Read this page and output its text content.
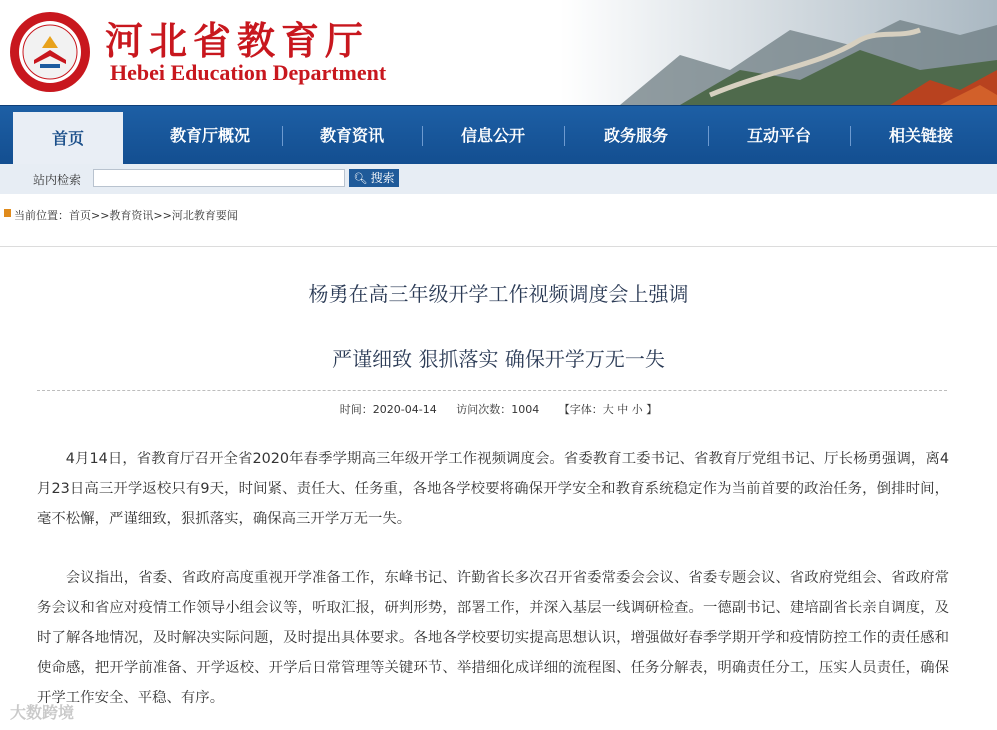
河北省教育厅
Hebei Education Department
首页	教育厅概况	教育资讯	信息公开	政务服务	互动平台	相关链接
站内检索	🔍︎ 搜索
当前位置：首页>>教育资讯>>河北教育要闻
杨勇在高三年级开学工作视频调度会上强调
严谨细致 狠抓落实 确保开学万无一失
时间：2020-04-14 访问次数：1004 【字体：大 中 小 】

4月14日，省教育厅召开全省2020年春季学期高三年级开学工作视频调度会。省委教育工委书记、省教育厅党组书记、厅长杨勇强调，离4月23日高三开学返校只有9天，时间紧、责任大、任务重，各地各学校要将确保开学安全和教育系统稳定作为当前首要的政治任务，倒排时间，毫不松懈，严谨细致，狠抓落实，确保高三开学万无一失。

会议指出，省委、省政府高度重视开学准备工作，东峰书记、许勤省长多次召开省委常委会会议、省委专题会议、省政府党组会、省政府常务会议和省应对疫情工作领导小组会议等，听取汇报，研判形势，部署工作，并深入基层一线调研检查。一德副书记、建培副省长亲自调度，及时了解各地情况，及时解决实际问题，及时提出具体要求。各地各学校要切实提高思想认识，增强做好春季学期开学和疫情防控工作的责任感和使命感，把开学前准备、开学返校、开学后日常管理等关键环节、举措细化成详细的流程图、任务分解表，明确责任分工，压实人员责任，确保开学工作安全、平稳、有序。

大数跨境
